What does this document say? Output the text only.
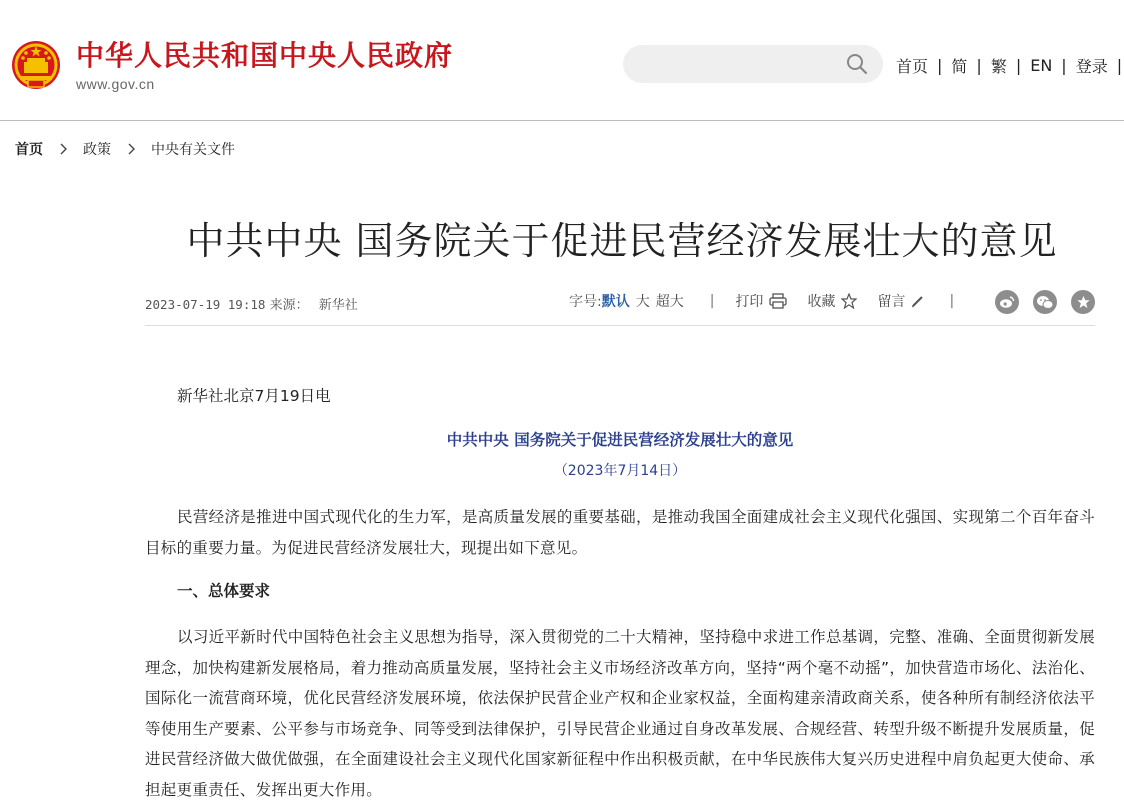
中华人民共和国中央人民政府
www.gov.cn
首页 | 简 | 繁 | EN | 登录 |
首页	政策	中央有关文件
中共中央 国务院关于促进民营经济发展壮大的意见
2023-07-19 19:18 来源： 新华社	字号: 默认 大 超大 | 打印	收藏	留言	|
新华社北京7月19日电
中共中央 国务院关于促进民营经济发展壮大的意见
（2023年7月14日）

民营经济是推进中国式现代化的生力军，是高质量发展的重要基础，是推动我国全面建成社会主义现代化强国、实现第二个百年奋斗目标的重要力量。为促进民营经济发展壮大，现提出如下意见。

一、总体要求

以习近平新时代中国特色社会主义思想为指导，深入贯彻党的二十大精神，坚持稳中求进工作总基调，完整、准确、全面贯彻新发展理念，加快构建新发展格局，着力推动高质量发展，坚持社会主义市场经济改革方向，坚持“两个毫不动摇”，加快营造市场化、法治化、国际化一流营商环境，优化民营经济发展环境，依法保护民营企业产权和企业家权益，全面构建亲清政商关系，使各种所有制经济依法平等使用生产要素、公平参与市场竞争、同等受到法律保护，引导民营企业通过自身改革发展、合规经营、转型升级不断提升发展质量，促进民营经济做大做优做强，在全面建设社会主义现代化国家新征程中作出积极贡献，在中华民族伟大复兴历史进程中肩负起更大使命、承担起更重责任、发挥出更大作用。
